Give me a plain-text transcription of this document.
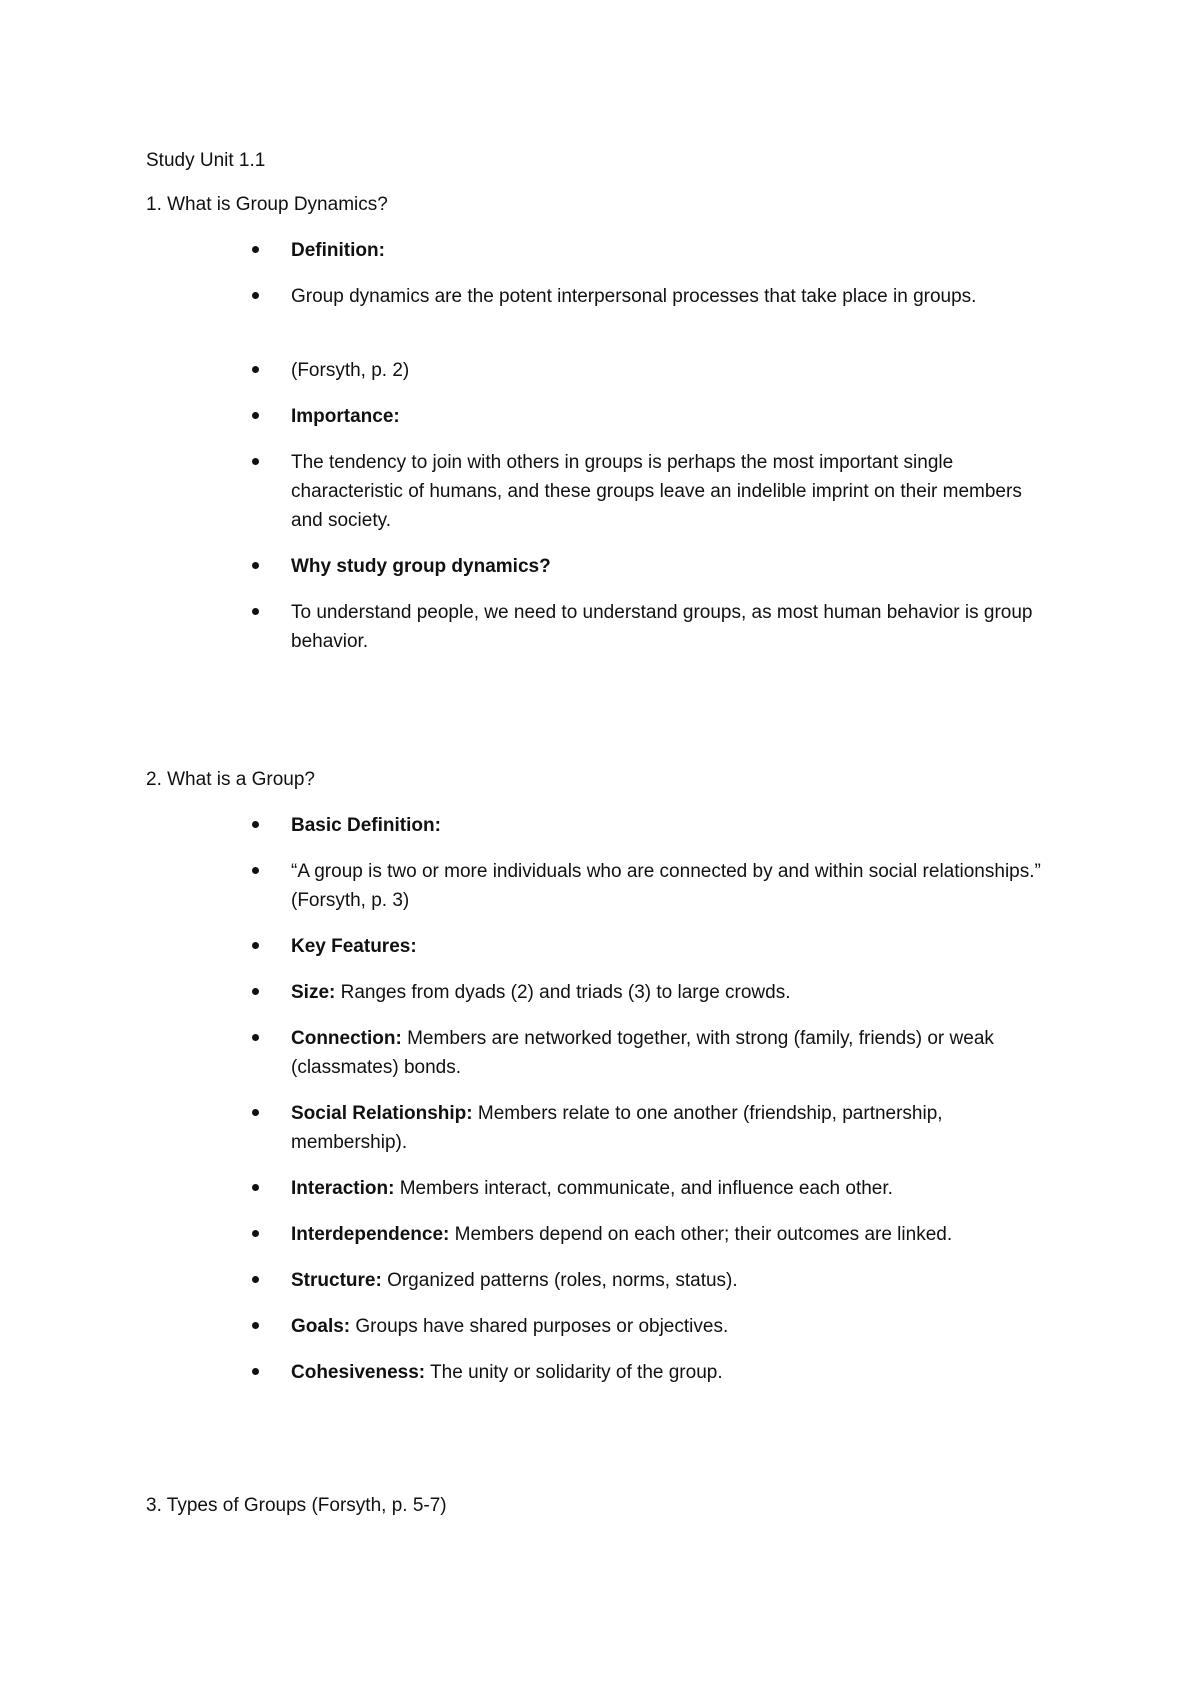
Study Unit 1.1

1. What is Group Dynamics?

Definition:

Group dynamics are the potent interpersonal processes that take place in groups.

(Forsyth, p. 2)

Importance:

The tendency to join with others in groups is perhaps the most important single characteristic of humans, and these groups leave an indelible imprint on their members and society.

Why study group dynamics?

To understand people, we need to understand groups, as most human behavior is group behavior.

2. What is a Group?

Basic Definition:

“A group is two or more individuals who are connected by and within social relationships.” (Forsyth, p. 3)

Key Features:

Size: Ranges from dyads (2) and triads (3) to large crowds.

Connection: Members are networked together, with strong (family, friends) or weak (classmates) bonds.

Social Relationship: Members relate to one another (friendship, partnership, membership).

Interaction: Members interact, communicate, and influence each other.

Interdependence: Members depend on each other; their outcomes are linked.

Structure: Organized patterns (roles, norms, status).

Goals: Groups have shared purposes or objectives.

Cohesiveness: The unity or solidarity of the group.

3. Types of Groups (Forsyth, p. 5-7)
